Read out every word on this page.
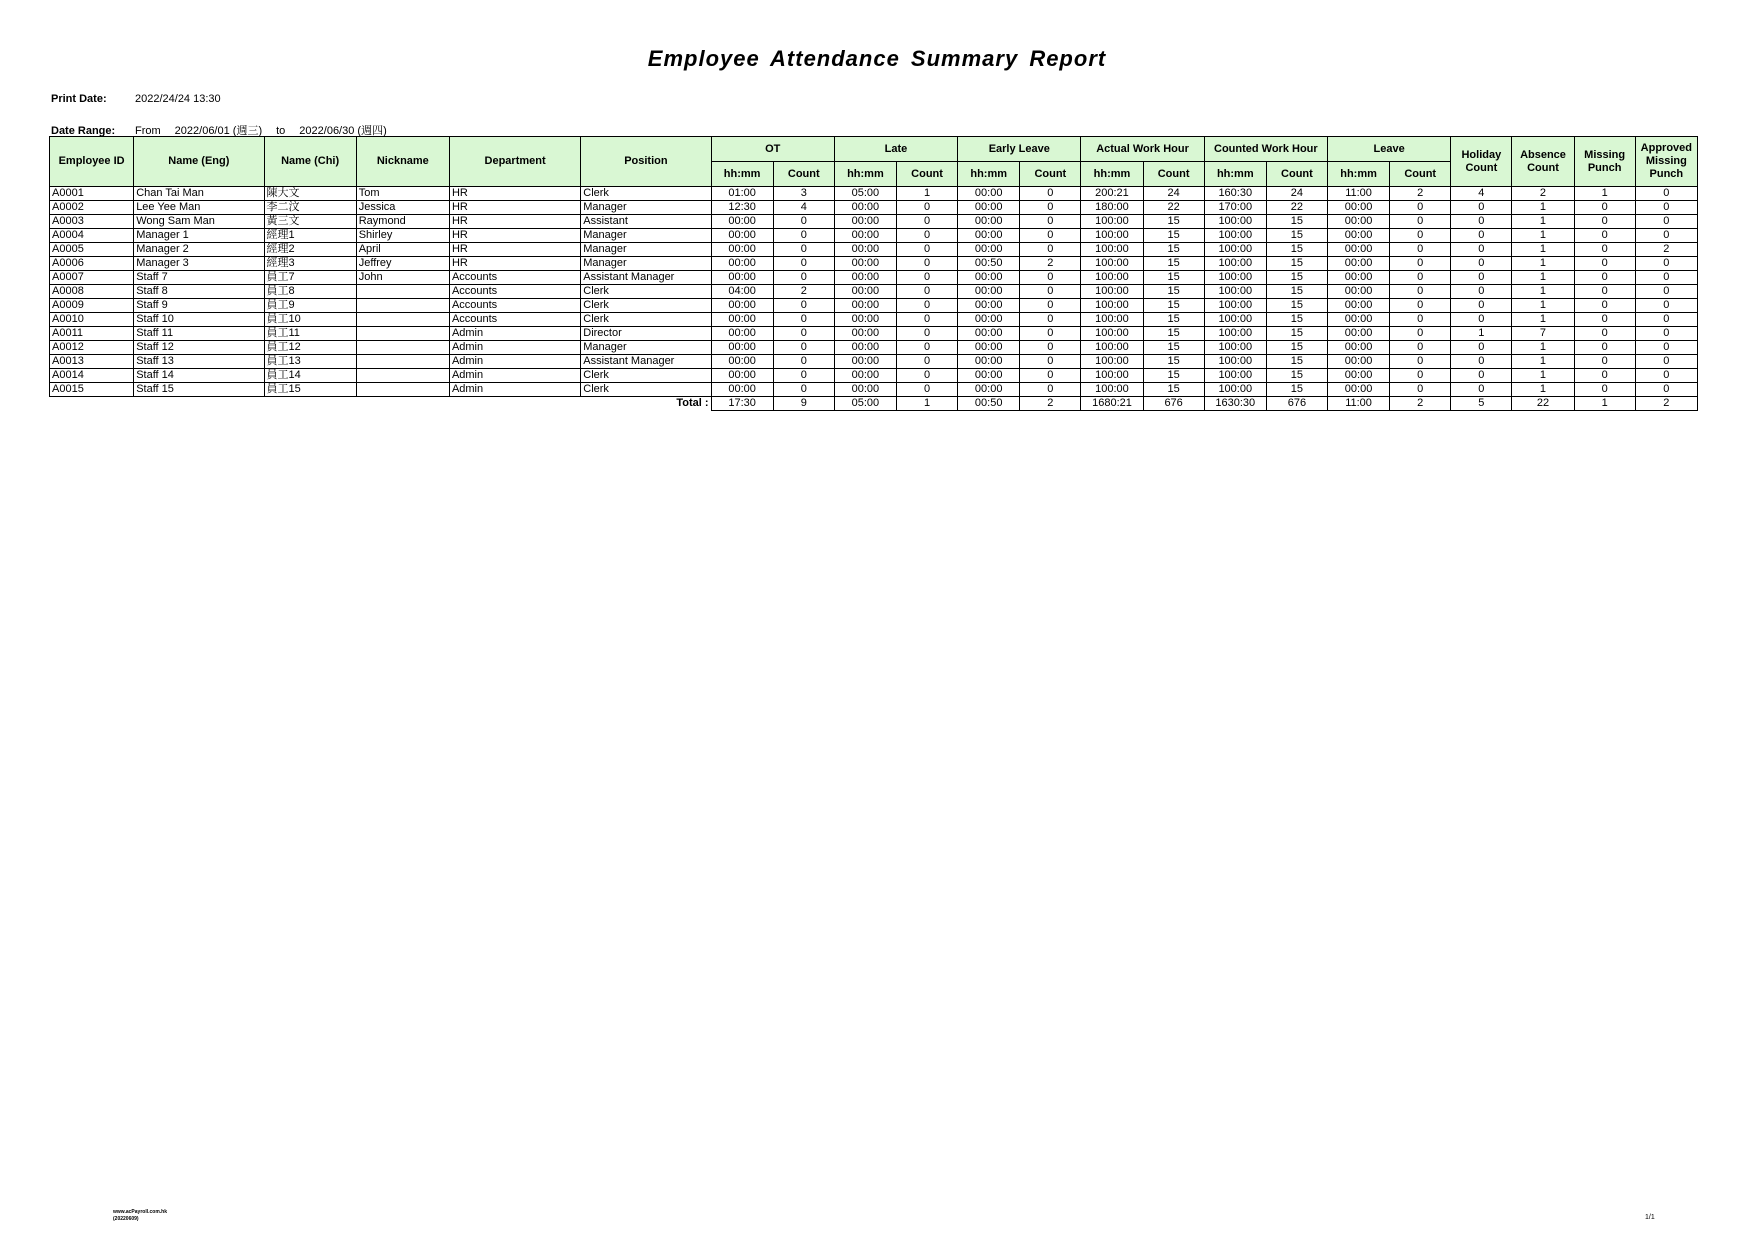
Employee Attendance Summary Report
Print Date:	2022/24/24 13:30
Date Range: From 2022/06/01 (週三) to 2022/06/30 (週四)
Employee ID	Name (Eng)	Name (Chi)	Nickname	Department	Position	OT		Late		Early Leave		Actual Work Hour		Counted Work Hour		Leave		Holiday Count	Absence Count	Missing Punch	Approved Missing Punch
						hh:mm	Count	hh:mm	Count	hh:mm	Count	hh:mm	Count	hh:mm	Count	hh:mm	Count				
A0001	Chan Tai Man	陳大文	Tom	HR	Clerk	01:00	3	05:00	1	00:00	0	200:21	24	160:30	24	11:00	2	4	2	1	0
A0002	Lee Yee Man	李二汶	Jessica	HR	Manager	12:30	4	00:00	0	00:00	0	180:00	22	170:00	22	00:00	0	0	1	0	0
A0003	Wong Sam Man	黃三文	Raymond	HR	Assistant	00:00	0	00:00	0	00:00	0	100:00	15	100:00	15	00:00	0	0	1	0	0
A0004	Manager 1	經理1	Shirley	HR	Manager	00:00	0	00:00	0	00:00	0	100:00	15	100:00	15	00:00	0	0	1	0	0
A0005	Manager 2	經理2	April	HR	Manager	00:00	0	00:00	0	00:00	0	100:00	15	100:00	15	00:00	0	0	1	0	2
A0006	Manager 3	經理3	Jeffrey	HR	Manager	00:00	0	00:00	0	00:50	2	100:00	15	100:00	15	00:00	0	0	1	0	0
A0007	Staff 7	員工7	John	Accounts	Assistant Manager	00:00	0	00:00	0	00:00	0	100:00	15	100:00	15	00:00	0	0	1	0	0
A0008	Staff 8	員工8		Accounts	Clerk	04:00	2	00:00	0	00:00	0	100:00	15	100:00	15	00:00	0	0	1	0	0
A0009	Staff 9	員工9		Accounts	Clerk	00:00	0	00:00	0	00:00	0	100:00	15	100:00	15	00:00	0	0	1	0	0
A0010	Staff 10	員工10		Accounts	Clerk	00:00	0	00:00	0	00:00	0	100:00	15	100:00	15	00:00	0	0	1	0	0
A0011	Staff 11	員工11		Admin	Director	00:00	0	00:00	0	00:00	0	100:00	15	100:00	15	00:00	0	1	7	0	0
A0012	Staff 12	員工12		Admin	Manager	00:00	0	00:00	0	00:00	0	100:00	15	100:00	15	00:00	0	0	1	0	0
A0013	Staff 13	員工13		Admin	Assistant Manager	00:00	0	00:00	0	00:00	0	100:00	15	100:00	15	00:00	0	0	1	0	0
A0014	Staff 14	員工14		Admin	Clerk	00:00	0	00:00	0	00:00	0	100:00	15	100:00	15	00:00	0	0	1	0	0
A0015	Staff 15	員工15		Admin	Clerk	00:00	0	00:00	0	00:00	0	100:00	15	100:00	15	00:00	0	0	1	0	0
Total :						17:30	9	05:00	1	00:50	2	1680:21	676	1630:30	676	11:00	2	5	22	1	2
www.acPayroll.com.hk
(20220609)	1/1
